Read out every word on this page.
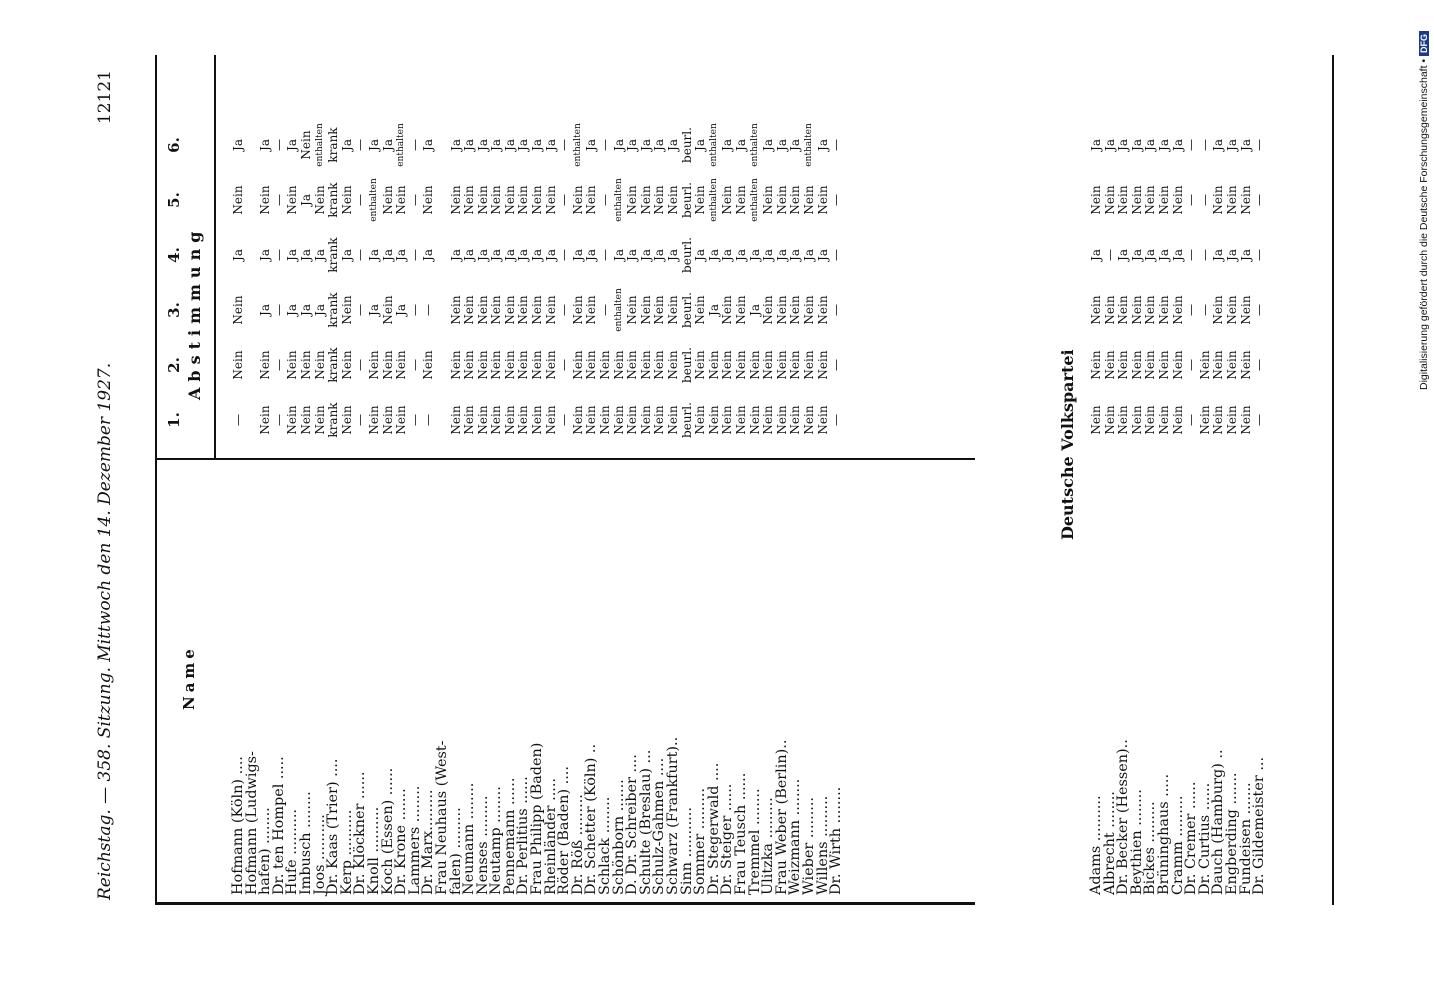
Reichstag. — 358. Sitzung. Mittwoch den 14. Dezember 1927.
12121
Name
Abstimmung
1.
2.
3.
4.
5.
6.
Hofmann (Köln) ....
Hofmann (Ludwigs-
hafen) ........
Dr. ten Hompel .....
Hufe ..........
Imbusch ........
Joos ..........
Dr. Kaas (Trier) ....
Kerp ..........
Dr. Klöckner ......
Knoll ..........
Koch (Essen) ......
Dr. Krone .......
Lammers ........
Dr. Marx.........
Frau Neuhaus (West-
falen) .........
Neumann ........
Nenses .........
Neutamp ........
Pennemann ......
Dr. Perlitius ......
Frau Philipp (Baden)
Rheinländer .....
Röder (Baden) ....
Dr. Röß .........
Dr. Schetter (Köln) ..
Schlack ........
Schönborn .......
D. Dr. Schreiber ....
Schulte (Breslau) ...
Schulz-Gahmen ....
Schwarz (Frankfurt)..
Sinn ...........
Sommer .........
Dr. Stegerwald ....
Dr. Steiger ......
Frau Teusch ......
Tremmel ........
Ulitzka .........
Frau Weber (Berlin)..
Weizmann ........
Wieber .........
Willens .........
Dr. Wirth ........
— Nein — Nein Nein Nein krank Nein — Nein Nein Nein — — Nein Nein Nein Nein Nein Nein Nein Nein — Nein Nein Nein Nein Nein Nein Nein Nein beurl. Nein Nein Nein Nein Nein Nein Nein Nein Nein Nein —
Nein Nein — Nein Nein Nein krank Nein — Nein Nein Nein — Nein Nein Nein Nein Nein Nein Nein Nein Nein — Nein Nein Nein Nein Nein Nein Nein Nein beurl. Nein Nein Nein Nein Nein Nein Nein Nein Nein Nein —
Nein Ja — Ja Ja Ja krank Nein — Ja Nein Ja — — Nein Nein Nein Nein Nein Nein Nein Nein — Nein Nein — enthalten Nein Nein Nein Nein beurl. Nein Ja Nein Nein Ja Nein Nein Nein Nein Nein —
Ja Ja — Ja Ja Ja krank Ja — Ja Ja Ja — Ja Ja Ja Ja Ja Ja Ja Ja Ja — Ja Ja — Ja Ja Ja Ja Ja beurl. Ja Ja Ja Ja Ja Ja Ja Ja Ja Ja —
Nein Nein — Nein Ja Nein krank Nein — enthalten Nein Nein — Nein Nein Nein Nein Nein Nein Nein Nein Nein — Nein Nein — enthalten Nein Nein Nein Nein beurl. Nein enthalten Nein Nein enthalten Nein Nein Nein Nein Nein —
Ja Ja — Ja Nein enthalten krank Ja — Ja Ja enthalten — Ja Ja Ja Ja Ja Ja Ja Ja Ja — enthalten Ja — Ja Ja Ja Ja Ja beurl. Ja enthalten Ja Ja enthalten Ja Ja Ja enthalten Ja —
Deutsche Volkspartei
Adams ..........
Albrecht ........
Dr. Becker (Hessen)..
Beythien ........
Bickes .........
Brüninghaus .....
Cramm .........
Dr. Cremer ......
Dr. Curtius ......
Dauch (Hamburg) ..
Engberding .......
Fundeisen .......
Dr. Gildemeister ...
Nein Nein Nein Nein Nein Nein Nein — Nein Nein Nein Nein —
Nein Nein Nein Nein Nein Nein Nein — Nein Nein Nein Nein —
Nein Nein Nein Nein Nein Nein Nein — — Nein Nein Nein —
Ja — Ja Ja Ja Ja Ja — — Ja Ja Ja —
Nein Nein Nein Nein Nein Nein Nein — — Nein Nein Nein —
Ja Ja Ja Ja Ja Ja Ja — — Ja Ja Ja —	Digitalisierung gefördert durch die Deutsche Forschungsgemeinschaft • DFG
